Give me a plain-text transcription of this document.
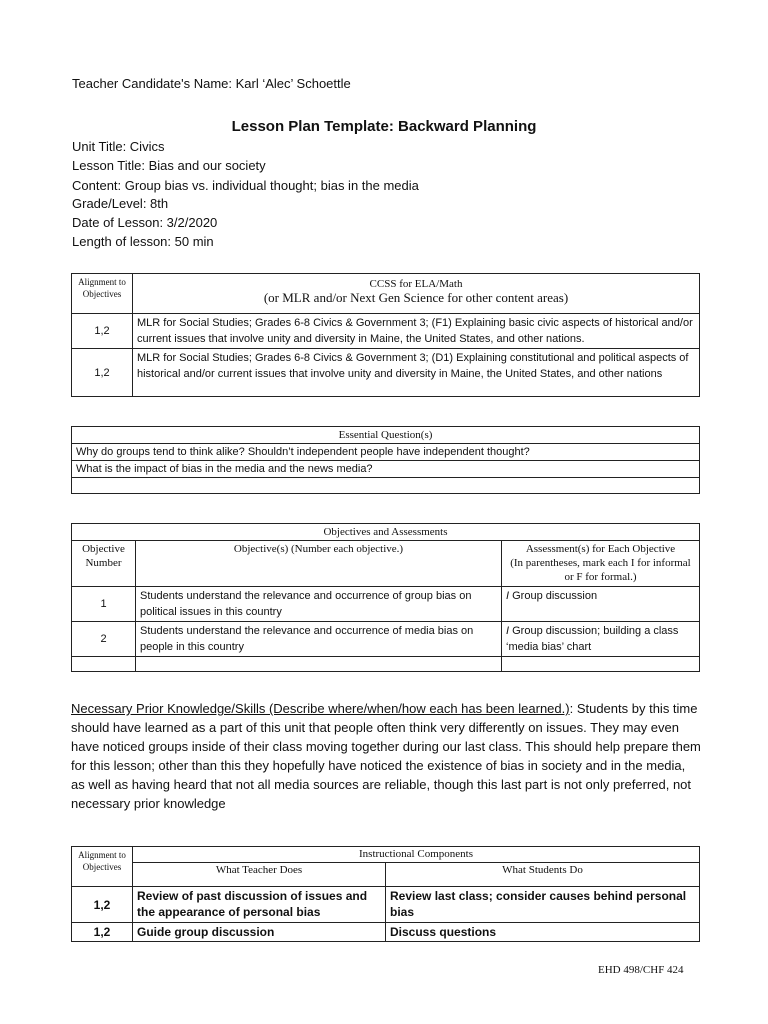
Teacher Candidate's Name: Karl ‘Alec’ Schoettle
Lesson Plan Template: Backward Planning
Unit Title: Civics
Lesson Title: Bias and our society
Content: Group bias vs. individual thought; bias in the media
Grade/Level: 8th
Date of Lesson: 3/2/2020
Length of lesson: 50 min
Alignment to Objectives	CCSS for ELA/Math
(or MLR and/or Next Gen Science for other content areas)

1,2	MLR for Social Studies; Grades 6-8 Civics & Government 3; (F1) Explaining basic civic aspects of historical and/or current issues that involve unity and diversity in Maine, the United States, and other nations.
1,2	MLR for Social Studies; Grades 6-8 Civics & Government 3; (D1) Explaining constitutional and political aspects of historical and/or current issues that involve unity and diversity in Maine, the United States, and other nations
Essential Question(s)
Why do groups tend to think alike? Shouldn’t independent people have independent thought?
What is the impact of bias in the media and the news media?

Objectives and Assessments		
Objective Number	Objective(s) (Number each objective.)	Assessment(s) for Each Objective
(In parentheses, mark each I for informal or F for formal.)

1	Students understand the relevance and occurrence of group bias on political issues in this country	I Group discussion
2	Students understand the relevance and occurrence of media bias on people in this country	I Group discussion; building a class ‘media bias’ chart

Necessary Prior Knowledge/Skills (Describe where/when/how each has been learned.): Students by this time should have learned as a part of this unit that people often think very differently on issues. They may even have noticed groups inside of their class moving together during our last class. This should help prepare them for this lesson; other than this they hopefully have noticed the existence of bias in society and in the media, as well as having heard that not all media sources are reliable, though this last part is not only preferred, not necessary prior knowledge
Alignment to Objectives	Instructional Components	
	What Teacher Does	What Students Do
1,2	Review of past discussion of issues and the appearance of personal bias	Review last class; consider causes behind personal bias
1,2	Guide group discussion	Discuss questions
EHD 498/CHF 424
